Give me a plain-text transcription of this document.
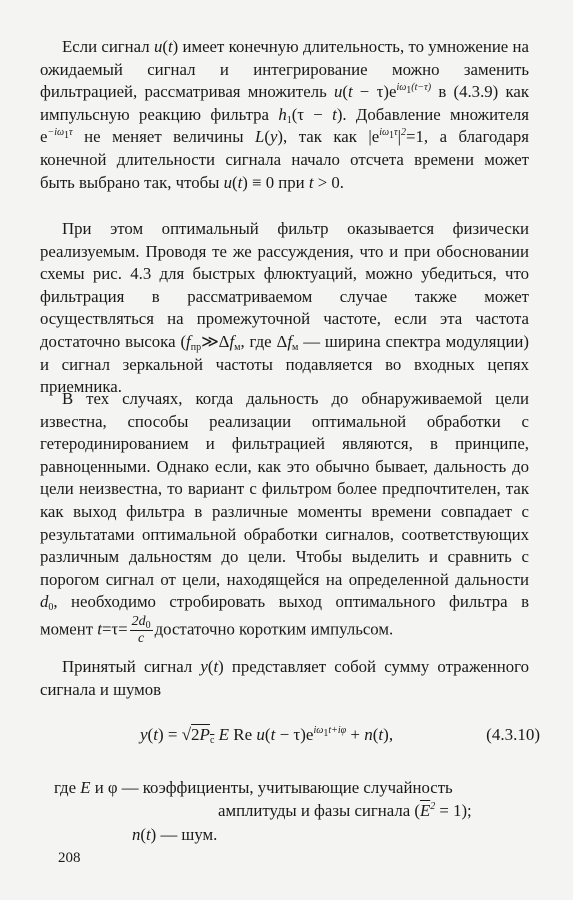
Если сигнал u(t) имеет конечную длительность, то умножение на ожидаемый сигнал и интегрирование можно заменить фильтрацией, рассматривая множитель $u(t - \tau)e^{i\omega_1(t-\tau)}$ в (4.3.9) как импульсную реакцию фильтра $h_1(\tau - t)$. Добавление множителя $e^{-i\omega_1\tau}$ не меняет величины L(y), так как $|e^{i\omega_1\tau}|^2=1$, а благодаря конечной длительности сигнала начало отсчета времени может быть выбрано так, чтобы u(t) ≡ 0 при t > 0.
При этом оптимальный фильтр оказывается физически реализуемым. Проводя те же рассуждения, что и при обосновании схемы рис. 4.3 для быстрых флюктуаций, можно убедиться, что фильтрация в рассматриваемом случае также может осуществляться на промежуточной частоте, если эта частота достаточно высока ($f_{пр}≫\Delta f_м$, где $\Delta f_м$ — ширина спектра модуляции) и сигнал зеркальной частоты подавляется во входных цепях приемника.
В тех случаях, когда дальность до обнаруживаемой цели известна, способы реализации оптимальной обработки с гетеродинированием и фильтрацией являются, в принципе, равноценными. Однако если, как это обычно бывает, дальность до цели неизвестна, то вариант с фильтром более предпочтителен, так как выход фильтра в различные моменты времени совпадает с результатами оптимальной обработки сигналов, соответствующих различным дальностям до цели. Чтобы выделить и сравнить с порогом сигнал от цели, находящейся на определенной дальности $d_0$, необходимо стробировать выход оптимального фильтра в момент $t=\tau= \frac{2d_0}{c}$ достаточно коротким импульсом.
Принятый сигнал y(t) представляет собой сумму отраженного сигнала и шумов
$y(t) = √2P_c$ E Re $u(t - \tau)e^{i\omega_1t+i\varphi} + n(t)$,	(4.3.10)
где E и φ — коэффициенты, учитывающие случайность
амплитуды и фазы сигнала $(\overline{E}^2 = 1)$;
n(t) — шум.
208
